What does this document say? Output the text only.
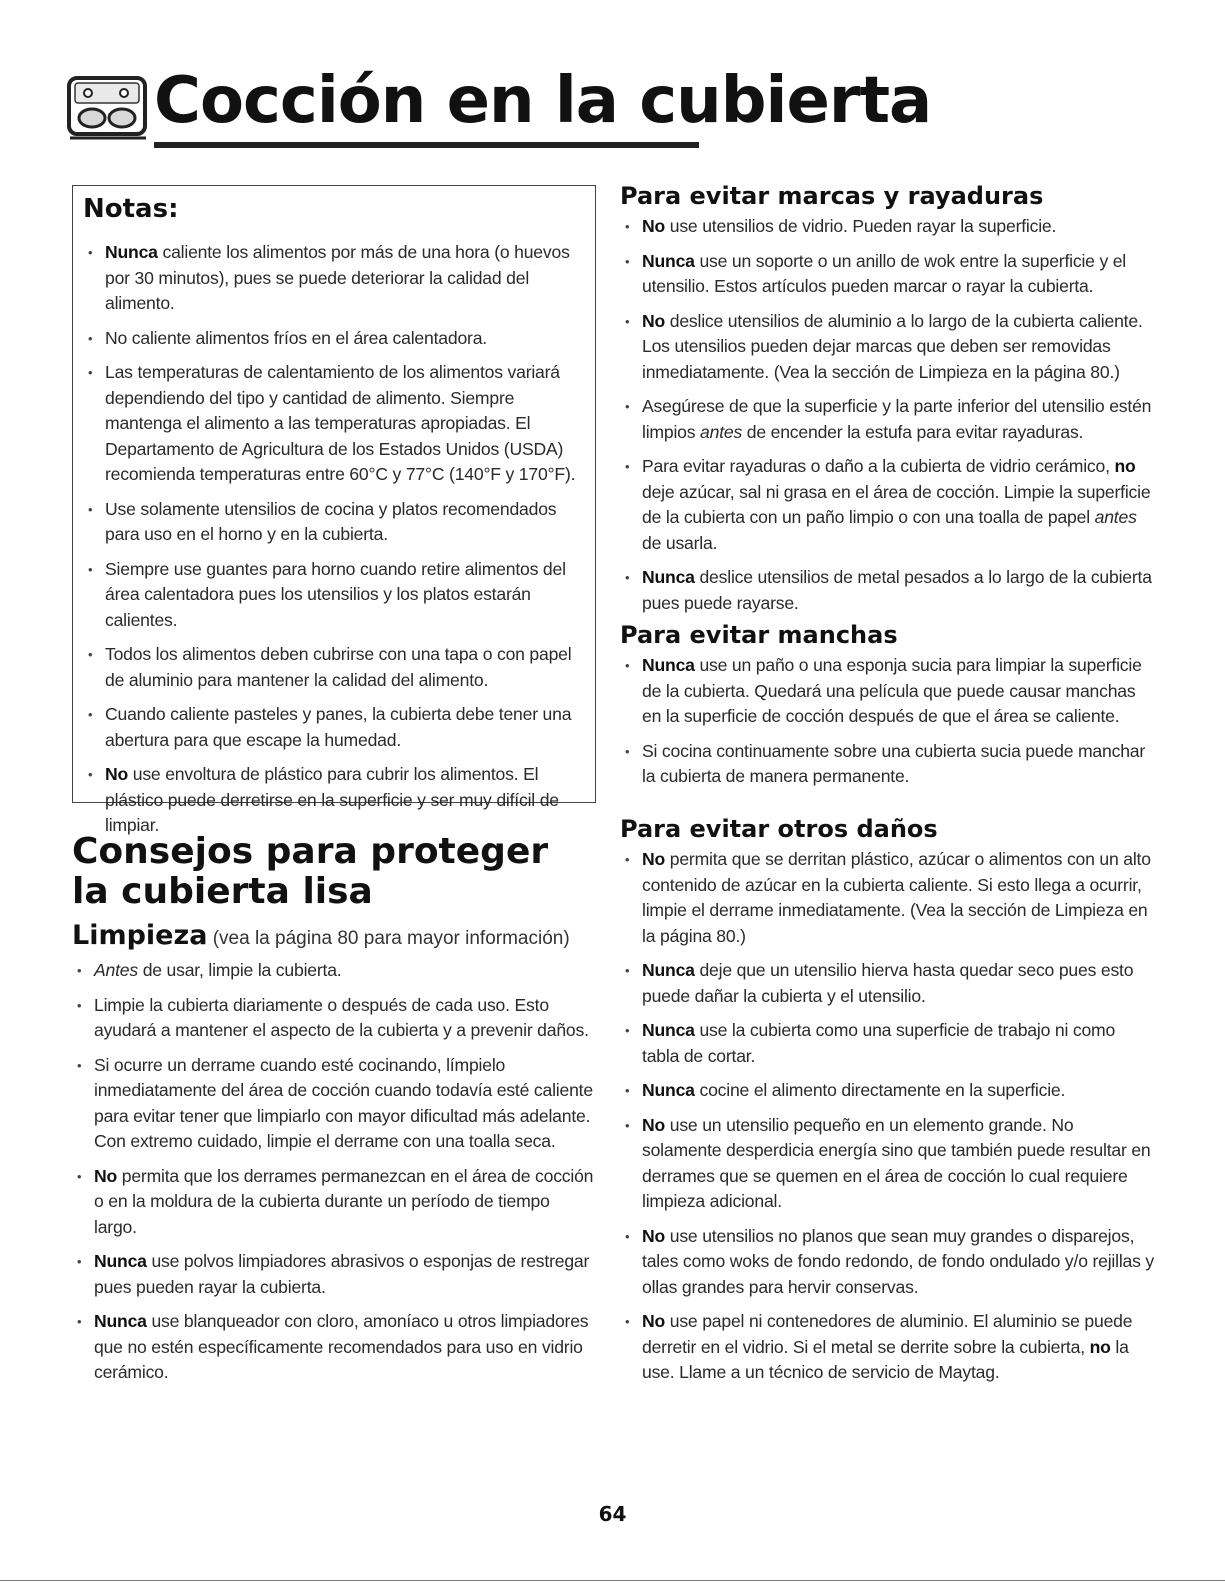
Cocción en la cubierta
Notas:
• Nunca caliente los alimentos por más de una hora (o huevos por 30 minutos), pues se puede deteriorar la calidad del alimento.
• No caliente alimentos fríos en el área calentadora.
• Las temperaturas de calentamiento de los alimentos variará dependiendo del tipo y cantidad de alimento. Siempre mantenga el alimento a las temperaturas apropiadas. El Departamento de Agricultura de los Estados Unidos (USDA) recomienda temperaturas entre 60°C y 77°C (140°F y 170°F).
• Use solamente utensilios de cocina y platos recomendados para uso en el horno y en la cubierta.
• Siempre use guantes para horno cuando retire alimentos del área calentadora pues los utensilios y los platos estarán calientes.
• Todos los alimentos deben cubrirse con una tapa o con papel de aluminio para mantener la calidad del alimento.
• Cuando caliente pasteles y panes, la cubierta debe tener una abertura para que escape la humedad.
• No use envoltura de plástico para cubrir los alimentos. El plástico puede derretirse en la superficie y ser muy difícil de limpiar.
Consejos para proteger
la cubierta lisa
Limpieza (vea la página 80 para mayor información)
• Antes de usar, limpie la cubierta.
• Limpie la cubierta diariamente o después de cada uso. Esto ayudará a mantener el aspecto de la cubierta y a prevenir daños.
• Si ocurre un derrame cuando esté cocinando, límpielo inmediatamente del área de cocción cuando todavía esté caliente para evitar tener que limpiarlo con mayor dificultad más adelante. Con extremo cuidado, limpie el derrame con una toalla seca.
• No permita que los derrames permanezcan en el área de cocción o en la moldura de la cubierta durante un período de tiempo largo.
• Nunca use polvos limpiadores abrasivos o esponjas de restregar pues pueden rayar la cubierta.
• Nunca use blanqueador con cloro, amoníaco u otros limpiadores que no estén específicamente recomendados para uso en vidrio cerámico.
Para evitar marcas y rayaduras
• No use utensilios de vidrio. Pueden rayar la superficie.
• Nunca use un soporte o un anillo de wok entre la superficie y el utensilio. Estos artículos pueden marcar o rayar la cubierta.
• No deslice utensilios de aluminio a lo largo de la cubierta caliente. Los utensilios pueden dejar marcas que deben ser removidas inmediatamente. (Vea la sección de Limpieza en la página 80.)
• Asegúrese de que la superficie y la parte inferior del utensilio estén limpios antes de encender la estufa para evitar rayaduras.
• Para evitar rayaduras o daño a la cubierta de vidrio cerámico, no deje azúcar, sal ni grasa en el área de cocción. Limpie la superficie de la cubierta con un paño limpio o con una toalla de papel antes de usarla.
• Nunca deslice utensilios de metal pesados a lo largo de la cubierta pues puede rayarse.
Para evitar manchas
• Nunca use un paño o una esponja sucia para limpiar la superficie de la cubierta. Quedará una película que puede causar manchas en la superficie de cocción después de que el área se caliente.
• Si cocina continuamente sobre una cubierta sucia puede manchar la cubierta de manera permanente.
Para evitar otros daños
• No permita que se derritan plástico, azúcar o alimentos con un alto contenido de azúcar en la cubierta caliente. Si esto llega a ocurrir, limpie el derrame inmediatamente. (Vea la sección de Limpieza en la página 80.)
• Nunca deje que un utensilio hierva hasta quedar seco pues esto puede dañar la cubierta y el utensilio.
• Nunca use la cubierta como una superficie de trabajo ni como tabla de cortar.
• Nunca cocine el alimento directamente en la superficie.
• No use un utensilio pequeño en un elemento grande. No solamente desperdicia energía sino que también puede resultar en derrames que se quemen en el área de cocción lo cual requiere limpieza adicional.
• No use utensilios no planos que sean muy grandes o disparejos, tales como woks de fondo redondo, de fondo ondulado y/o rejillas y ollas grandes para hervir conservas.
• No use papel ni contenedores de aluminio. El aluminio se puede derretir en el vidrio. Si el metal se derrite sobre la cubierta, no la use. Llame a un técnico de servicio de Maytag.
64
